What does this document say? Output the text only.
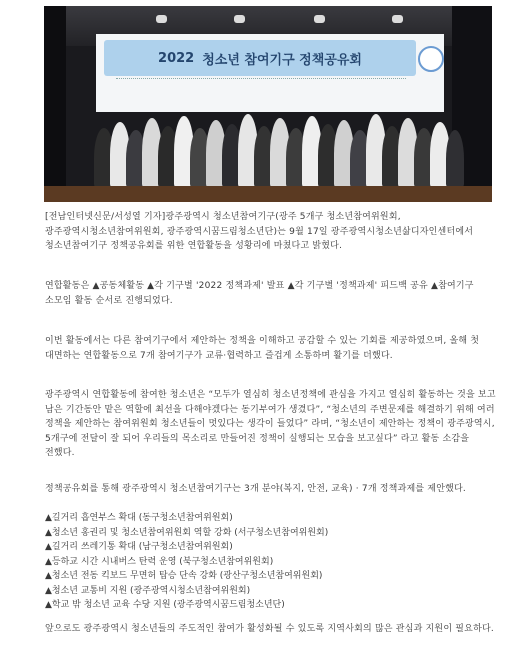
2022 청소년 참여기구 정책공유회

[전남인터넷신문/서성열 기자]광주광역시 청소년참여기구(광주 5개구 청소년참여위원회, 광주광역시청소년참여위원회, 광주광역시꿈드림청소년단)는 9월 17일 광주광역시청소년삶디자인센터에서 청소년참여기구 정책공유회를 위한 연합활동을 성황리에 마쳤다고 밝혔다.

연합활동은 ▲공동체활동 ▲각 기구별 '2022 정책과제' 발표 ▲각 기구별 '정책과제' 피드백 공유 ▲참여기구 소모임 활동 순서로 진행되었다.

이번 활동에서는 다른 참여기구에서 제안하는 정책을 이해하고 공감할 수 있는 기회를 제공하였으며, 올해 첫 대면하는 연합활동으로 7개 참여기구가 교류·협력하고 즐겁게 소통하며 활기를 더했다.

광주광역시 연합활동에 참여한 청소년은 “모두가 열심히 청소년정책에 관심을 가지고 열심히 활동하는 것을 보고 남은 기간동안 맡은 역할에 최선을 다해야겠다는 동기부여가 생겼다”, “청소년의 주변문제를 해결하기 위해 여러 정책을 제안하는 참여위원회 청소년들이 멋있다는 생각이 들었다” 라며, “청소년이 제안하는 정책이 광주광역시, 5개구에 전달이 잘 되어 우리들의 목소리로 만들어진 정책이 실행되는 모습을 보고싶다” 라고 활동 소감을 전했다.

정책공유회를 통해 광주광역시 청소년참여기구는 3개 분야(복지, 안전, 교육) · 7개 정책과제를 제안했다.

▲길거리 흡연부스 확대 (동구청소년참여위원회)
▲청소년 홍권리 및 청소년참여위원회 역할 강화 (서구청소년참여위원회)
▲길거리 쓰레기통 확대 (남구청소년참여위원회)
▲등하교 시간 시내버스 탄력 운영 (북구청소년참여위원회)
▲청소년 전동 킥보드 무면허 탑승 단속 강화 (광산구청소년참여위원회)
▲청소년 교통비 지원 (광주광역시청소년참여위원회)
▲학교 밖 청소년 교육 수당 지원 (광주광역시꿈드림청소년단)

앞으로도 광주광역시 청소년들의 주도적인 참여가 활성화될 수 있도록 지역사회의 많은 관심과 지원이 필요하다.
